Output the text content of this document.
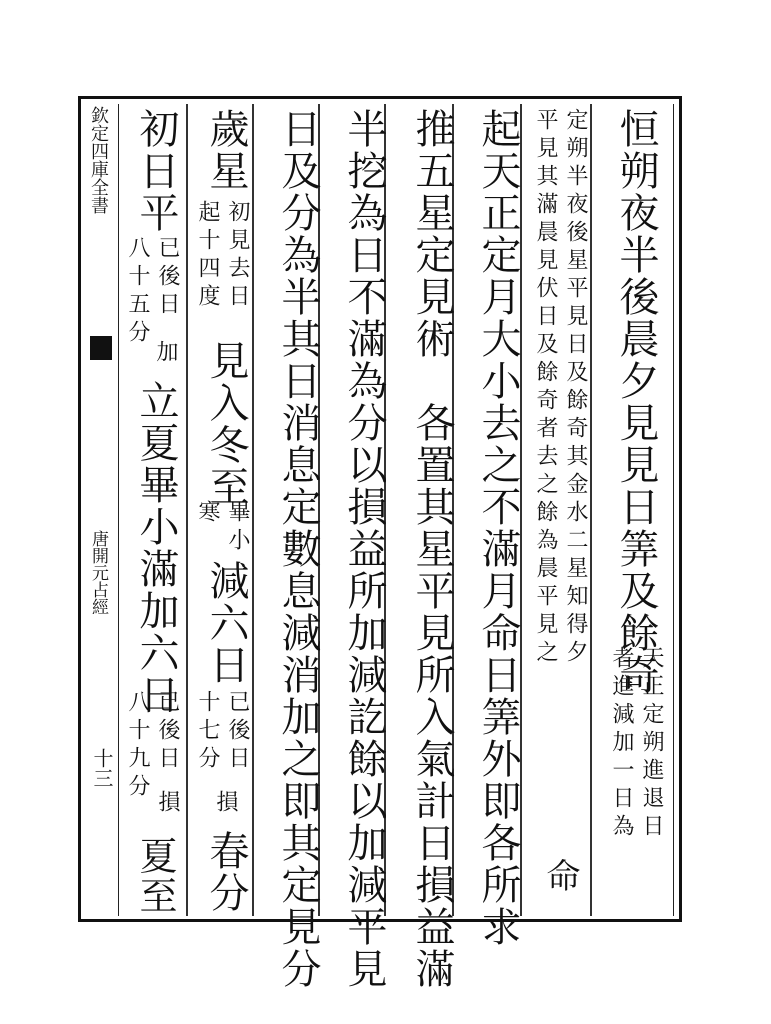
欽定四庫全書
唐開元占經
十三
恒朔夜半後晨夕見見日筭及餘奇
天正定朔進退日
者進減加一日為
定朔半夜後星平見日及餘奇其金水二星知得夕
平見其滿晨見伏日及餘奇者去之餘為晨平見之
命
起天正定月大小去之不滿月命日筭外即各所求
推五星定見術　各置其星平見所入氣計日損益滿
半挖為日不滿為分以損益所加減訖餘以加減平見
日及分為半其日消息定數息減消加之即其定見分
歲星
初見去日
起十四度
見入冬至
畢小
寒
減六日
已後日
十七分
損
春分
初日平
已後日
八十五分
加
立夏畢小滿加六日
已後日
八十九分
損
夏至
